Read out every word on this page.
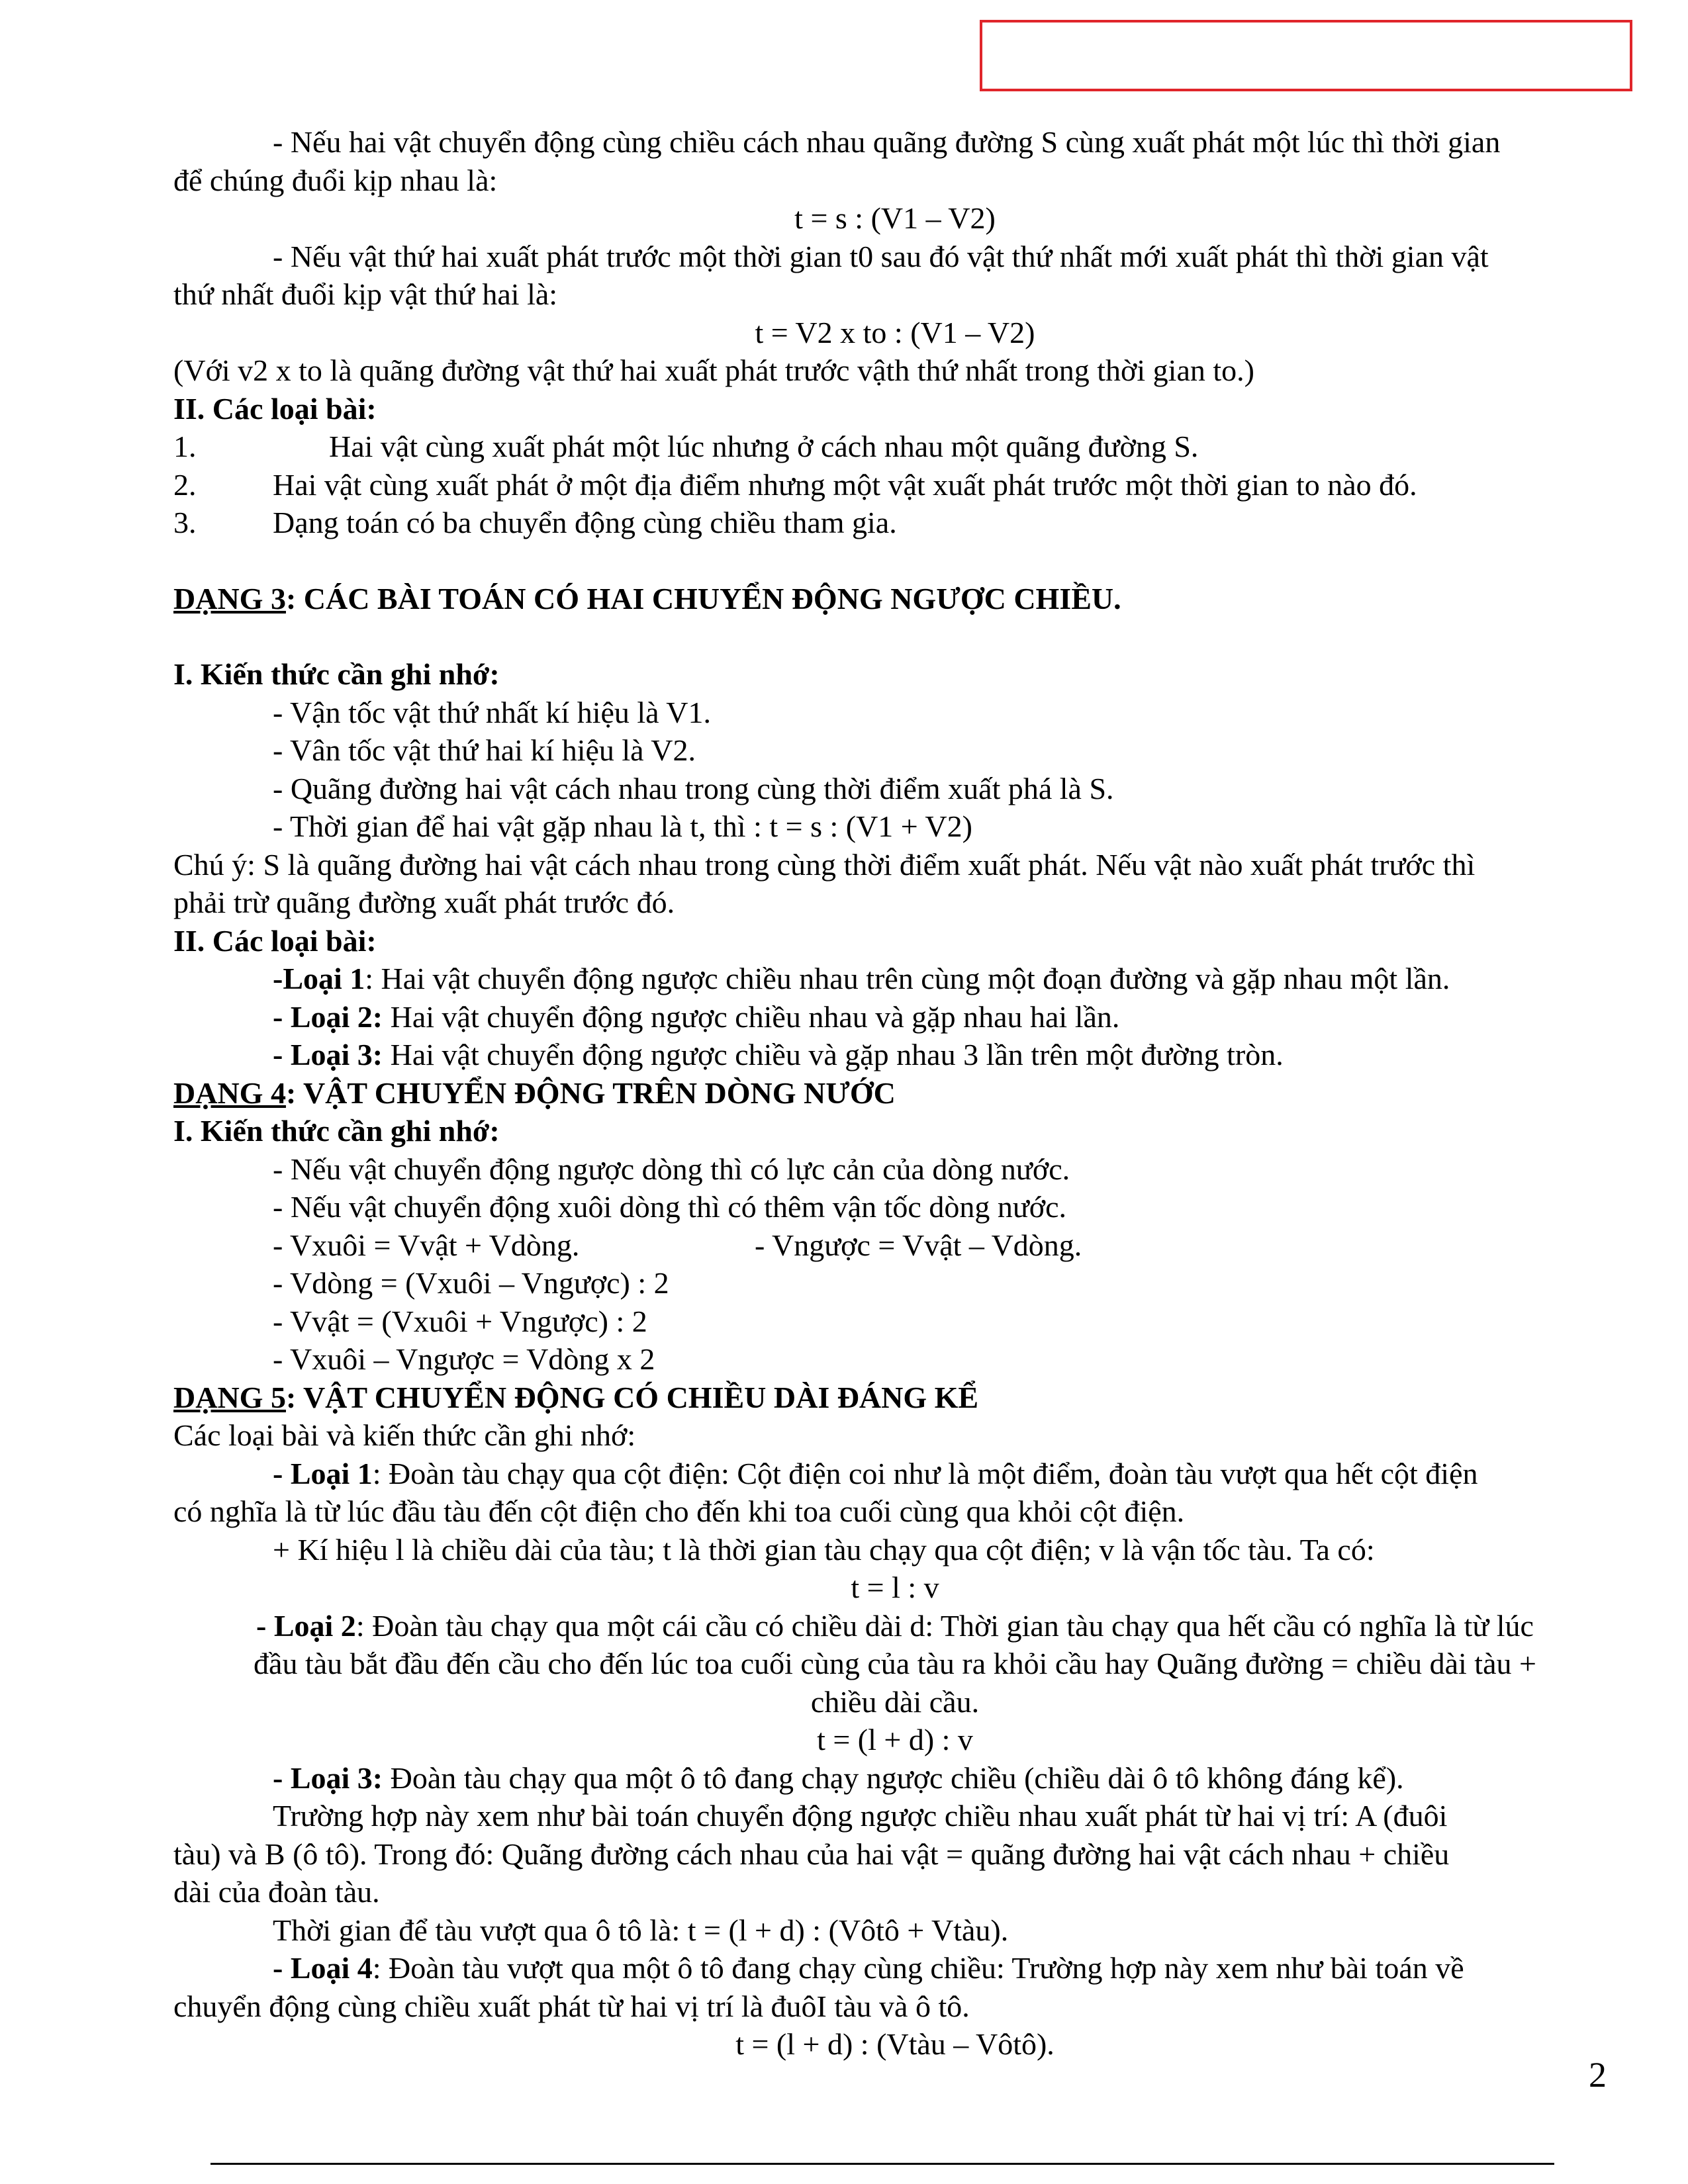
- Nếu hai vật chuyển động cùng chiều cách nhau quãng đường S cùng xuất phát một lúc thì thời gian
để chúng đuổi kịp nhau là:
t = s : (V1 – V2)
- Nếu vật thứ hai xuất phát trước một thời gian t0 sau đó vật thứ nhất mới xuất phát thì thời gian vật
thứ nhất đuổi kịp vật thứ hai là:
t = V2 x to : (V1 – V2)
(Với v2 x to là quãng đường vật thứ hai xuất phát trước vậth thứ nhất trong thời gian to.)
II. Các loại bài:
1.	Hai vật cùng xuất phát một lúc nhưng ở cách nhau một quãng đường S.
2.	Hai vật cùng xuất phát ở một địa điểm nhưng một vật xuất phát trước một thời gian to nào đó.
3.	Dạng toán có ba chuyển động cùng chiều tham gia.
DẠNG 3: CÁC BÀI TOÁN CÓ HAI CHUYỂN ĐỘNG NGƯỢC CHIỀU.
I. Kiến thức cần ghi nhớ:
- Vận tốc vật thứ nhất kí hiệu là V1.
- Vân tốc vật thứ hai kí hiệu là V2.
- Quãng đường hai vật cách nhau trong cùng thời điểm xuất phá là S.
- Thời gian để hai vật gặp nhau là t, thì : t = s : (V1 + V2)
Chú ý: S là quãng đường hai vật cách nhau trong cùng thời điểm xuất phát. Nếu vật nào xuất phát trước thì
phải trừ quãng đường xuất phát trước đó.
II. Các loại bài:
-Loại 1: Hai vật chuyển động ngược chiều nhau trên cùng một đoạn đường và gặp nhau một lần.
- Loại 2: Hai vật chuyển động ngược chiều nhau và gặp nhau hai lần.
- Loại 3: Hai vật chuyển động ngược chiều và gặp nhau 3 lần trên một đường tròn.
DẠNG 4: VẬT CHUYỂN ĐỘNG TRÊN DÒNG NƯỚC
I. Kiến thức cần ghi nhớ:
- Nếu vật chuyển động ngược dòng thì có lực cản của dòng nước.
- Nếu vật chuyển động xuôi dòng thì có thêm vận tốc dòng nước.
- Vxuôi = Vvật + Vdòng.	- Vngược = Vvật – Vdòng.
- Vdòng = (Vxuôi – Vngược) : 2
- Vvật = (Vxuôi + Vngược) : 2
- Vxuôi – Vngược = Vdòng x 2
DẠNG 5: VẬT CHUYỂN ĐỘNG CÓ CHIỀU DÀI ĐÁNG KỂ
Các loại bài và kiến thức cần ghi nhớ:
- Loại 1: Đoàn tàu chạy qua cột điện: Cột điện coi như là một điểm, đoàn tàu vượt qua hết cột điện
có nghĩa là từ lúc đầu tàu đến cột điện cho đến khi toa cuối cùng qua khỏi cột điện.
+ Kí hiệu l là chiều dài của tàu; t là thời gian tàu chạy qua cột điện; v là vận tốc tàu. Ta có:
t = l : v
- Loại 2: Đoàn tàu chạy qua một cái cầu có chiều dài d: Thời gian tàu chạy qua hết cầu có nghĩa là từ lúc
đầu tàu bắt đầu đến cầu cho đến lúc toa cuối cùng của tàu ra khỏi cầu hay Quãng đường = chiều dài tàu +
chiều dài cầu.
t = (l + d) : v
- Loại 3: Đoàn tàu chạy qua một ô tô đang chạy ngược chiều (chiều dài ô tô không đáng kể).
Trường hợp này xem như bài toán chuyển động ngược chiều nhau xuất phát từ hai vị trí: A (đuôi
tàu) và B (ô tô). Trong đó: Quãng đường cách nhau của hai vật = quãng đường hai vật cách nhau + chiều
dài của đoàn tàu.
Thời gian để tàu vượt qua ô tô là: t = (l + d) : (Vôtô + Vtàu).
- Loại 4: Đoàn tàu vượt qua một ô tô đang chạy cùng chiều: Trường hợp này xem như bài toán về
chuyển động cùng chiều xuất phát từ hai vị trí là đuôI tàu và ô tô.
t = (l + d) : (Vtàu – Vôtô).
2
